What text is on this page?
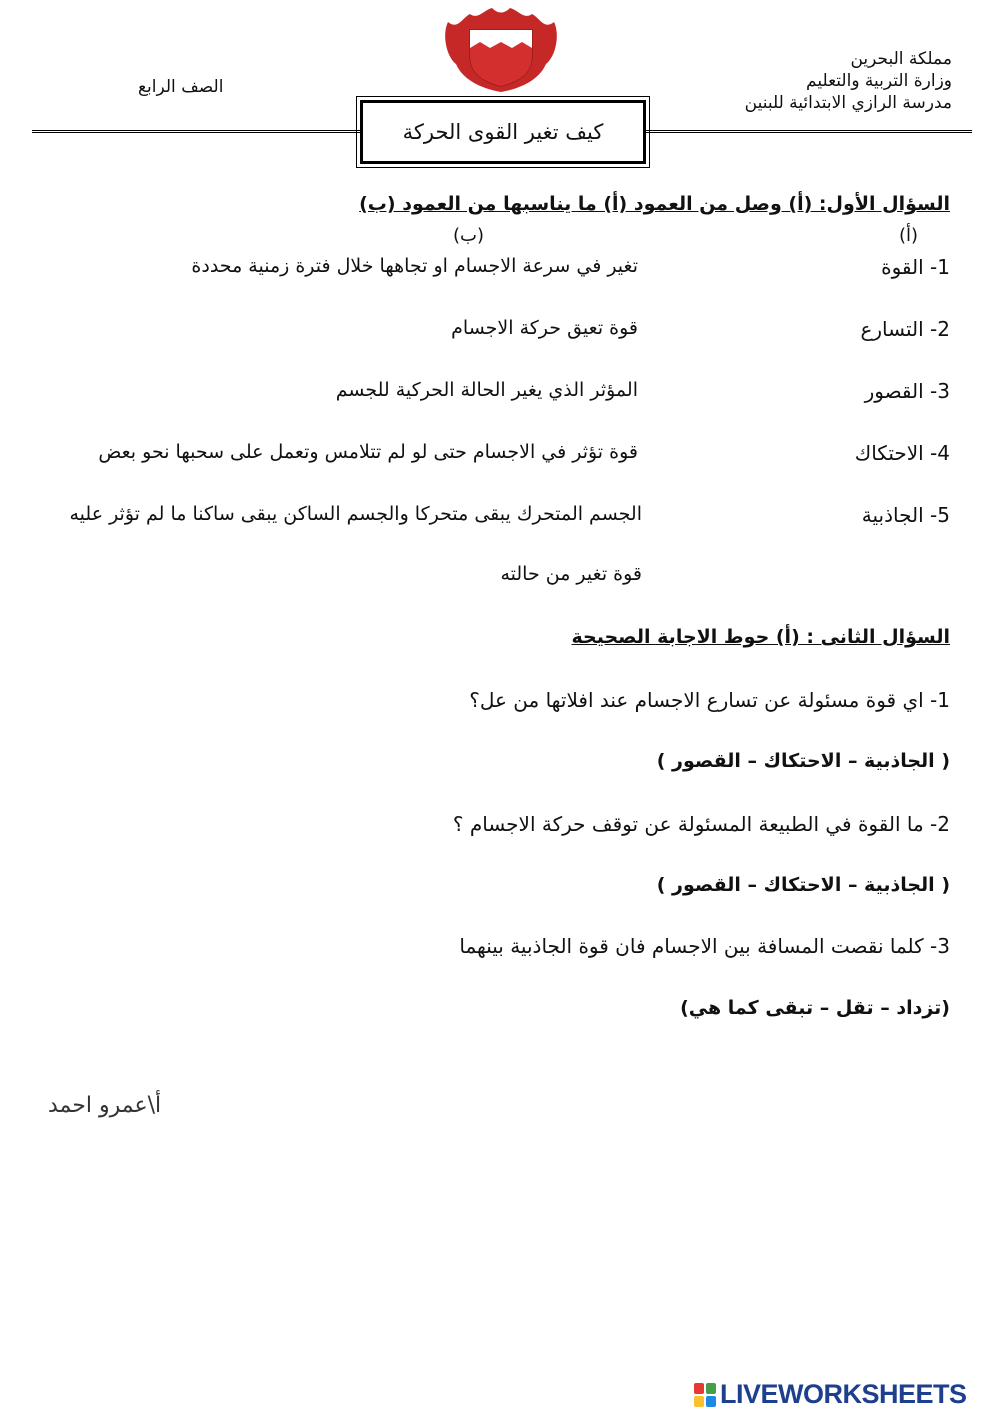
مملكة البحرين
وزارة التربية والتعليم
مدرسة الرازي الابتدائية للبنين
الصف الرابع
كيف تغير القوى الحركة
السؤال الأول: (أ) وصل من العمود (أ) ما يناسبها من العمود (ب)
(أ)
(ب)
1- القوة
تغير في سرعة الاجسام او تجاهها خلال فترة زمنية محددة
2- التسارع
قوة تعيق حركة الاجسام
3- القصور
المؤثر الذي يغير الحالة الحركية للجسم
4- الاحتكاك
قوة تؤثر في الاجسام حتى لو لم تتلامس وتعمل على سحبها نحو بعض
5- الجاذبية
الجسم المتحرك يبقى متحركا والجسم الساكن يبقى ساكنا ما لم تؤثر عليه
قوة تغير من حالته
السؤال الثانى : (أ) حوط الاجابة الصحيحة
1- اي قوة مسئولة عن تسارع الاجسام عند افلاتها من عل؟
( الجاذبية – الاحتكاك – القصور )
2- ما القوة في الطبيعة المسئولة عن توقف حركة الاجسام ؟
( الجاذبية – الاحتكاك – القصور )
3- كلما نقصت المسافة بين الاجسام فان قوة الجاذبية بينهما
(تزداد – تقل – تبقى كما هي)
أ\عمرو احمد
LIVEWORKSHEETS
